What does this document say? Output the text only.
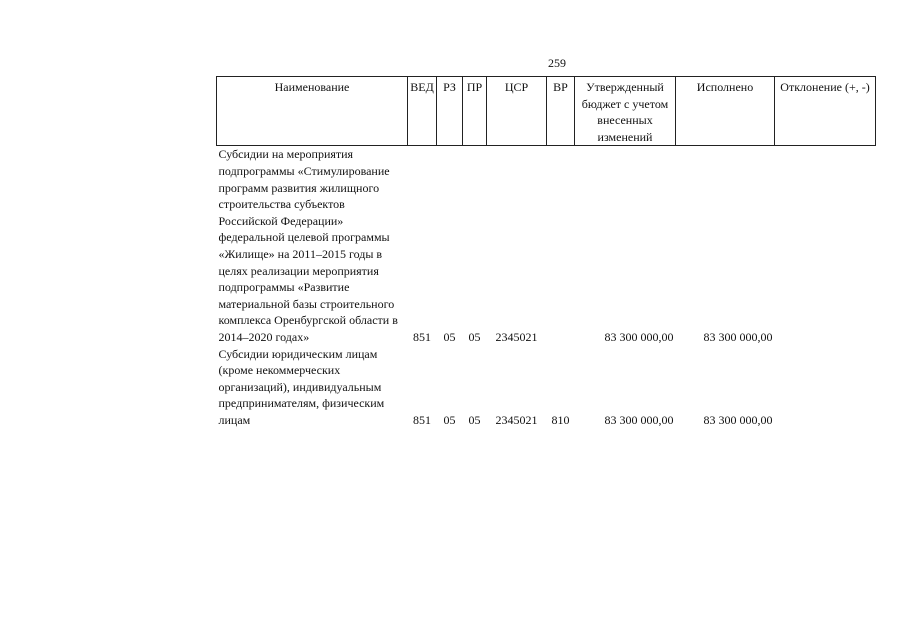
259
Наименование	ВЕД	РЗ	ПР	ЦСР	ВР	Утвержденный бюджет с учетом внесенных изменений	Исполнено	Отклонение (+, -)
Субсидии на мероприятия подпрограммы «Стимулирование программ развития жилищного строительства субъектов Российской Федерации» федеральной целевой программы «Жилище» на 2011–2015 годы в целях реализации мероприятия подпрограммы «Развитие материальной базы строительного комплекса Оренбургской области в 2014–2020 годах»	851	05	05	2345021		83 300 000,00	83 300 000,00	
Субсидии юридическим лицам (кроме некоммерческих организаций), индивидуальным предпринимателям, физическим лицам	851	05	05	2345021	810	83 300 000,00	83 300 000,00	
